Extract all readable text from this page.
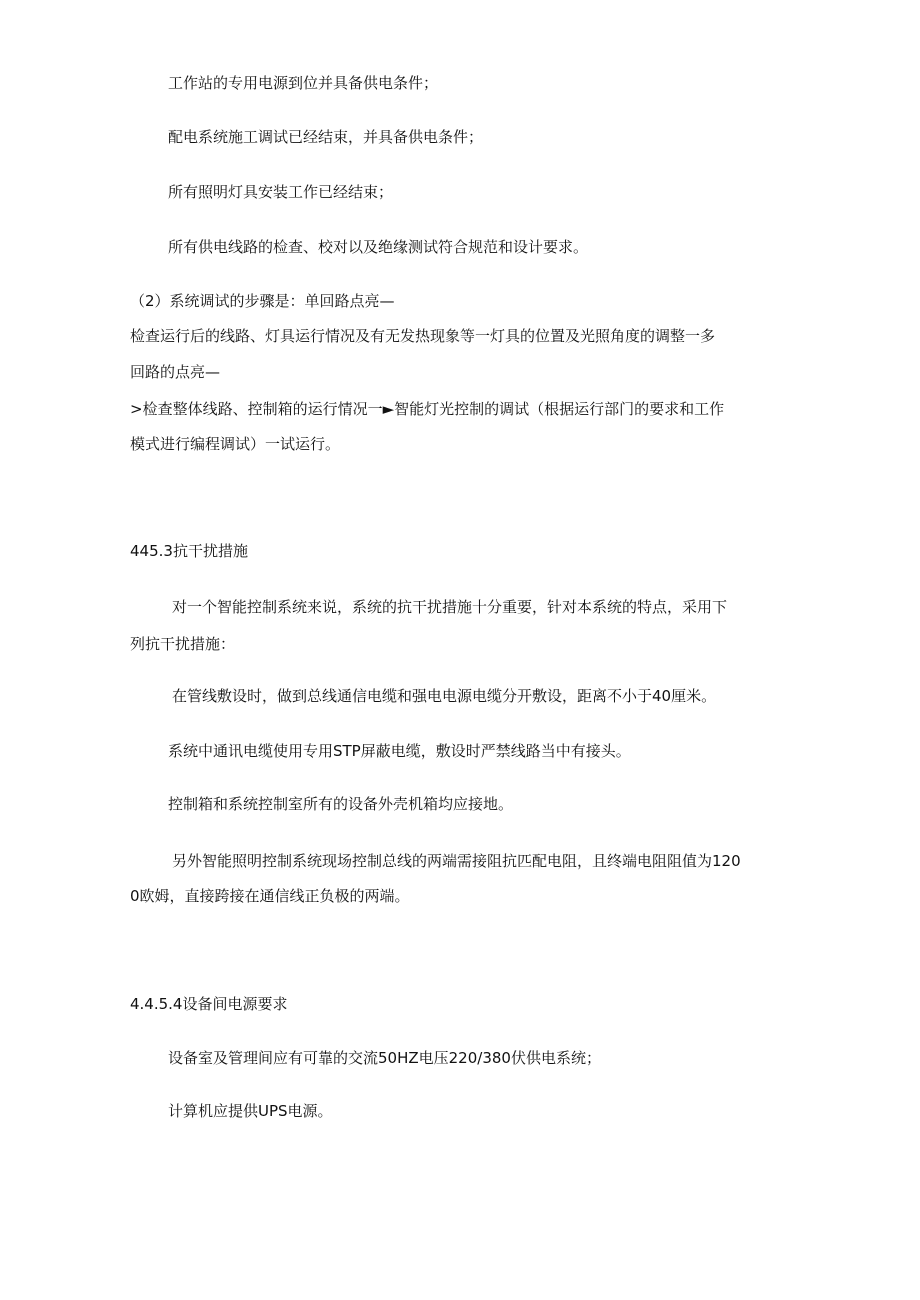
工作站的专用电源到位并具备供电条件；

配电系统施工调试已经结束，并具备供电条件；

所有照明灯具安装工作已经结束；

所有供电线路的检查、校对以及绝缘测试符合规范和设计要求。

（2）系统调试的步骤是：单回路点亮—

检查运行后的线路、灯具运行情况及有无发热现象等一灯具的位置及光照角度的调整一多

回路的点亮—

>检查整体线路、控制箱的运行情况一►智能灯光控制的调试（根据运行部门的要求和工作

模式进行编程调试）一试运行。

445.3抗干扰措施

对一个智能控制系统来说，系统的抗干扰措施十分重要，针对本系统的特点，采用下

列抗干扰措施：

在管线敷设时，做到总线通信电缆和强电电源电缆分开敷设，距离不小于40厘米。

系统中通讯电缆使用专用STP屏蔽电缆，敷设时严禁线路当中有接头。

控制箱和系统控制室所有的设备外壳机箱均应接地。

另外智能照明控制系统现场控制总线的两端需接阻抗匹配电阻，且终端电阻阻值为120

0欧姆，直接跨接在通信线正负极的两端。

4.4.5.4设备间电源要求

设备室及管理间应有可靠的交流50HZ电压220/380伏供电系统；

计算机应提供UPS电源。
